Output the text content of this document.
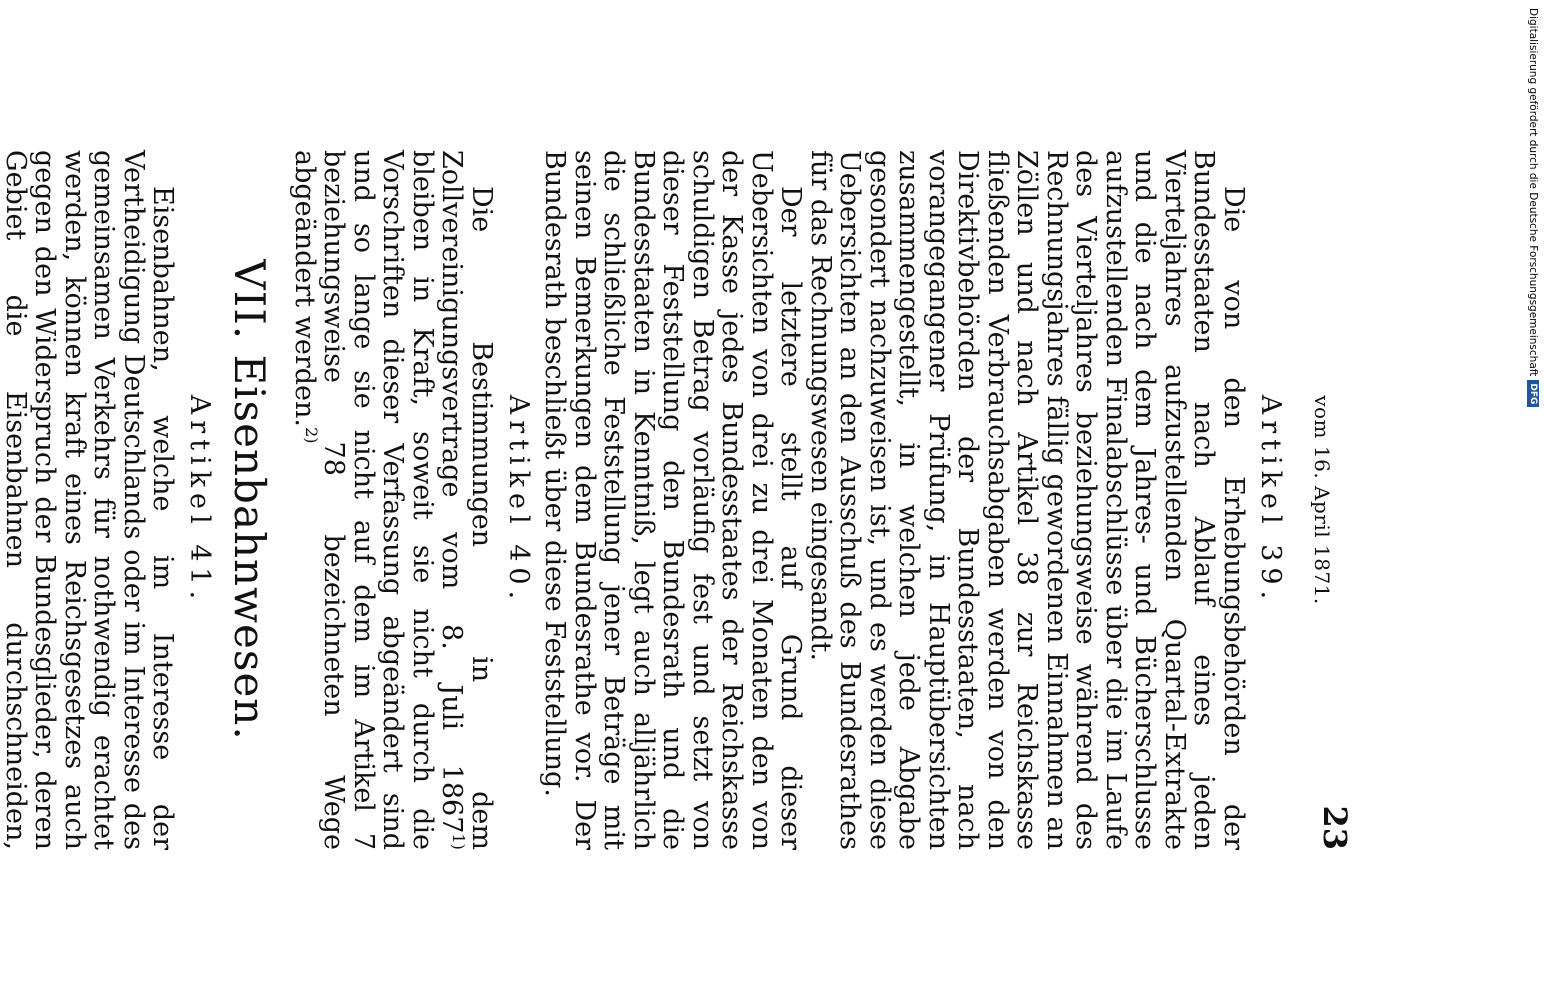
vom 16. April 1871.
23
Artikel 39.

Die von den Erhebungsbehörden der Bundesstaaten nach Ablauf eines jeden Vierteljahres aufzustellenden Quartal-Extrakte und die nach dem Jahres- und Bücherschlusse aufzustellenden Finalabschlüsse über die im Laufe des Vierteljahres beziehungsweise während des Rechnungsjahres fällig gewordenen Einnahmen an Zöllen und nach Artikel 38 zur Reichskasse fließenden Verbrauchsabgaben werden von den Direktivbehörden der Bundesstaaten, nach vorangegangener Prüfung, in Hauptübersichten zusammengestellt, in welchen jede Abgabe gesondert nachzuweisen ist, und es werden diese Uebersichten an den Ausschuß des Bundesrathes für das Rechnungswesen eingesandt.

Der letztere stellt auf Grund dieser Uebersichten von drei zu drei Monaten den von der Kasse jedes Bundesstaates der Reichskasse schuldigen Betrag vorläufig fest und setzt von dieser Feststellung den Bundesrath und die Bundesstaaten in Kenntniß, legt auch alljährlich die schließliche Feststellung jener Beträge mit seinen Bemerkungen dem Bundesrathe vor. Der Bundesrath beschließt über diese Feststellung.

Artikel 40.

Die Bestimmungen in dem Zollvereinigungsvertrage vom 8. Juli 1867$^{1)}$ bleiben in Kraft, soweit sie nicht durch die Vorschriften dieser Verfassung abgeändert sind und so lange sie nicht auf dem im Artikel 7 beziehungsweise 78 bezeichneten Wege abgeändert werden.$^{2)}$

VII. Eisenbahnwesen.
Artikel 41.

Eisenbahnen, welche im Interesse der Vertheidigung Deutschlands oder im Interesse des gemeinsamen Verkehrs für nothwendig erachtet werden, können kraft eines Reichsgesetzes auch gegen den Widerspruch der Bundesglieder, deren Gebiet die Eisenbahnen durchschneiden,

Digitalisierung gefördert durch die Deutsche Forschungsgemeinschaft
DFG
